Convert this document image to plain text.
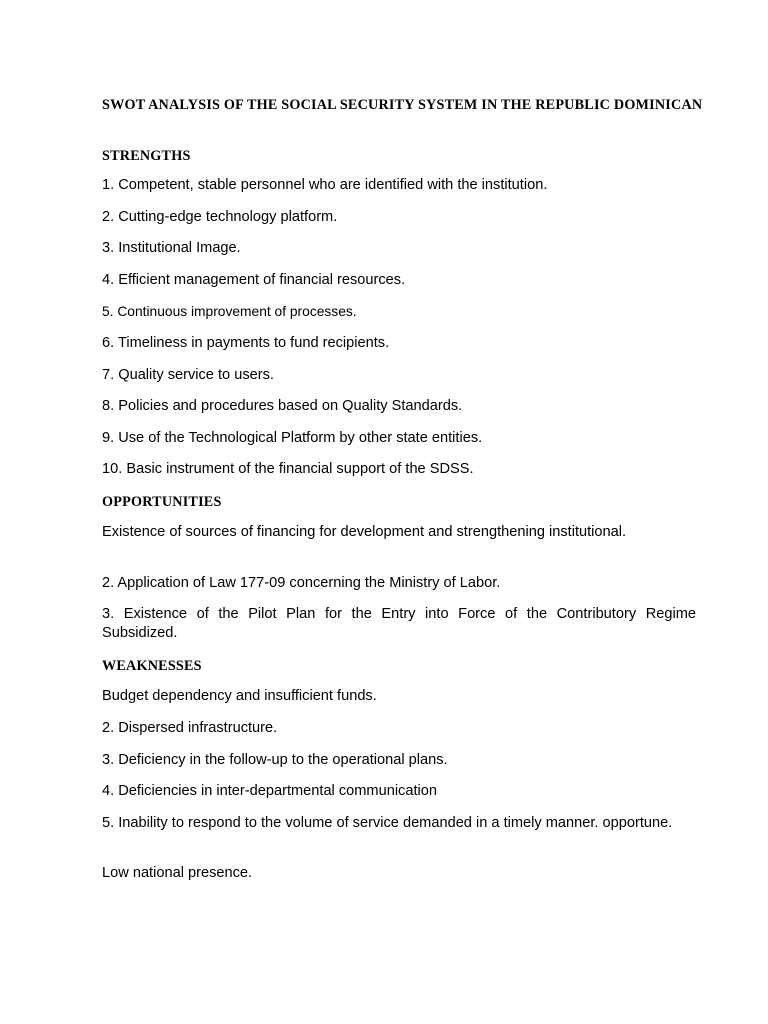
SWOT ANALYSIS OF THE SOCIAL SECURITY SYSTEM IN THE REPUBLIC DOMINICAN
STRENGTHS
1. Competent, stable personnel who are identified with the institution.
2. Cutting-edge technology platform.
3. Institutional Image.
4. Efficient management of financial resources.
5. Continuous improvement of processes.
6. Timeliness in payments to fund recipients.
7. Quality service to users.
8. Policies and procedures based on Quality Standards.
9. Use of the Technological Platform by other state entities.
10. Basic instrument of the financial support of the SDSS.
OPPORTUNITIES
Existence of sources of financing for development and strengthening institutional.
2. Application of Law 177-09 concerning the Ministry of Labor.
3. Existence of the Pilot Plan for the Entry into Force of the Contributory Regime Subsidized.
WEAKNESSES
Budget dependency and insufficient funds.
2. Dispersed infrastructure.
3. Deficiency in the follow-up to the operational plans.
4. Deficiencies in inter-departmental communication
5. Inability to respond to the volume of service demanded in a timely manner. opportune.
Low national presence.
